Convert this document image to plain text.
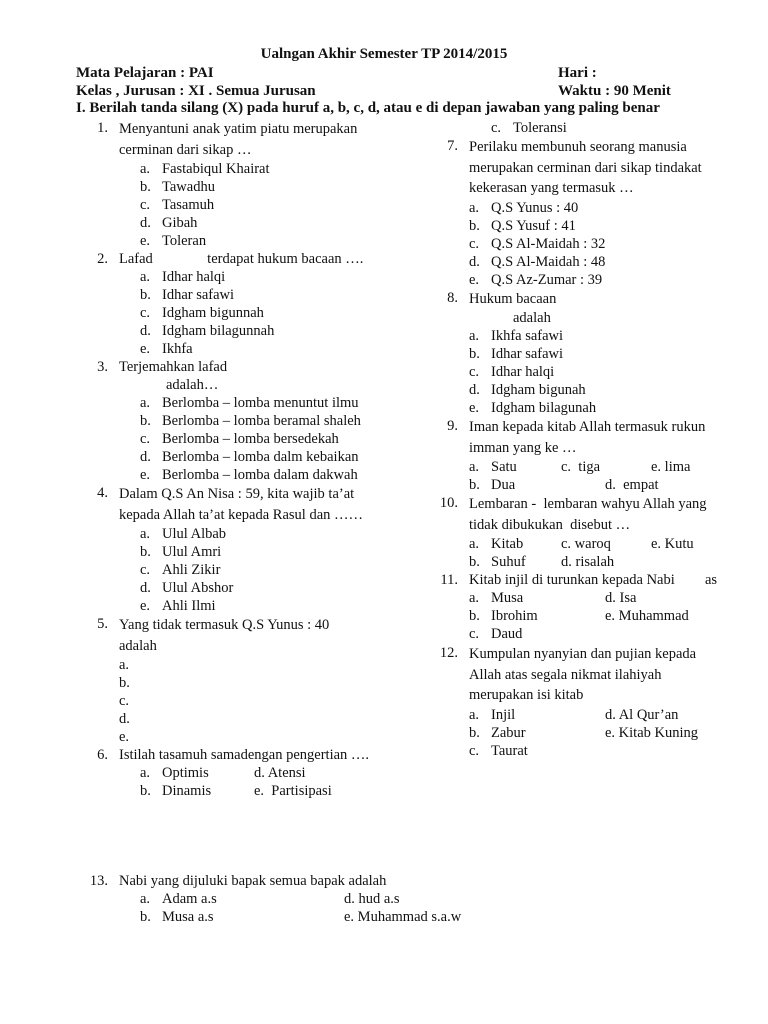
Ualngan Akhir Semester TP 2014/2015
Mata Pelajaran : PAI	Hari :
Kelas , Jurusan : XI . Semua Jurusan	Waktu : 90 Menit
I. Berilah tanda silang (X) pada huruf a, b, c, d, atau e di depan jawaban yang paling benar
1. Menyantuni anak yatim piatu merupakan
cerminan dari sikap …
a. Fastabiqul Khairat
b. Tawadhu
c. Tasamuh
d. Gibah
e. Toleran
2. Lafad               terdapat hukum bacaan ….
a. Idhar halqi
b. Idhar safawi
c. Idgham bigunnah
d. Idgham bilagunnah
e. Ikhfa
3. Terjemahkan lafad
adalah…
a. Berlomba – lomba menuntut ilmu
b. Berlomba – lomba beramal shaleh
c. Berlomba – lomba bersedekah
d. Berlomba – lomba dalm kebaikan
e. Berlomba – lomba dalam dakwah
4. Dalam Q.S An Nisa : 59, kita wajib ta’at
kepada Allah ta’at kepada Rasul dan ……
a. Ulul Albab
b. Ulul Amri
c. Ahli Zikir
d. Ulul Abshor
e. Ahli Ilmi
5. Yang tidak termasuk Q.S Yunus : 40
adalah
a.
b.
c.
d.
e.
6. Istilah tasamuh samadengan pengertian ….
a. Optimis	d. Atensi
b. Dinamis	e.  Partisipasi
c. Toleransi
7. Perilaku membunuh seorang manusia
merupakan cerminan dari sikap tindakat
kekerasan yang termasuk …
a. Q.S Yunus : 40
b. Q.S Yusuf : 41
c. Q.S Al-Maidah : 32
d. Q.S Al-Maidah : 48
e. Q.S Az-Zumar : 39
8. Hukum bacaan
adalah
a. Ikhfa safawi
b. Idhar safawi
c. Idhar halqi
d. Idgham bigunah
e. Idgham bilagunah
9. Iman kepada kitab Allah termasuk rukun
imman yang ke …
a. Satu	c.  tiga	e. lima
b. Dua	d.  empat
10. Lembaran -  lembaran wahyu Allah yang
tidak dibukukan  disebut …
a. Kitab	c. waroq	e. Kutu
b. Suhuf d. risalah
11. Kitab injil di turunkan kepada Nabi as
a. Musa	d. Isa
b. Ibrohim	e. Muhammad
c. Daud
12. Kumpulan nyanyian dan pujian kepada
Allah atas segala nikmat ilahiyah
merupakan isi kitab
a. Injil	d. Al Qur’an
b. Zabur	e. Kitab Kuning
c. Taurat
13. Nabi yang dijuluki bapak semua bapak adalah
a. Adam a.s	d. hud a.s
b. Musa a.s	e. Muhammad s.a.w
